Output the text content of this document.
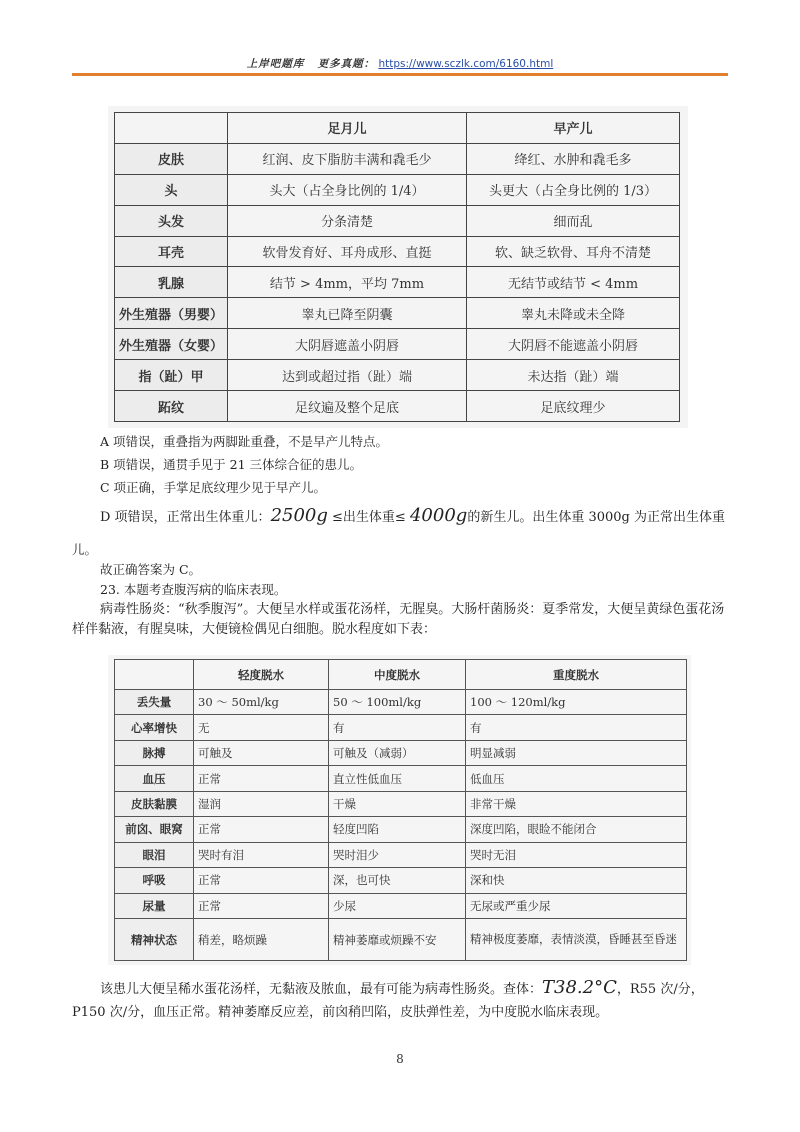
上岸吧题库 更多真题： https://www.sczlk.com/6160.html
	足月儿	早产儿
皮肤	红润、皮下脂肪丰满和毳毛少	绛红、水肿和毳毛多
头	头大（占全身比例的 1/4）	头更大（占全身比例的 1/3）
头发	分条清楚	细而乱
耳壳	软骨发育好、耳舟成形、直挺	软、缺乏软骨、耳舟不清楚
乳腺	结节 > 4mm，平均 7mm	无结节或结节 < 4mm
外生殖器（男婴）	睾丸已降至阴囊	睾丸未降或未全降
外生殖器（女婴）	大阴唇遮盖小阴唇	大阴唇不能遮盖小阴唇
指（趾）甲	达到或超过指（趾）端	未达指（趾）端
跖纹	足纹遍及整个足底	足底纹理少
A 项错误，重叠指为两脚趾重叠，不是早产儿特点。
B 项错误，通贯手见于 21 三体综合征的患儿。
C 项正确，手掌足底纹理少见于早产儿。
D 项错误，正常出生体重儿：2500g ≤出生体重≤ 4000g的新生儿。出生体重 3000g 为正常出生体重
儿。
故正确答案为 C。
23. 本题考查腹泻病的临床表现。
病毒性肠炎：“秋季腹泻”。大便呈水样或蛋花汤样，无腥臭。大肠杆菌肠炎：夏季常发，大便呈黄绿色蛋花汤样伴黏液，有腥臭味，大便镜检偶见白细胞。脱水程度如下表：
	轻度脱水	中度脱水	重度脱水
丢失量	30 ～ 50ml/kg	50 ～ 100ml/kg	100 ～ 120ml/kg
心率增快	无	有	有
脉搏	可触及	可触及（减弱）	明显减弱
血压	正常	直立性低血压	低血压
皮肤黏膜	湿润	干燥	非常干燥
前囟、眼窝	正常	轻度凹陷	深度凹陷，眼睑不能闭合
眼泪	哭时有泪	哭时泪少	哭时无泪
呼吸	正常	深，也可快	深和快
尿量	正常	少尿	无尿或严重少尿
精神状态	稍差，略烦躁	精神萎靡或烦躁不安	精神极度萎靡，表情淡漠，昏睡甚至昏迷
该患儿大便呈稀水蛋花汤样，无黏液及脓血，最有可能为病毒性肠炎。查体：T38.2°C，R55 次/分，P150 次/分，血压正常。精神萎靡反应差，前囟稍凹陷，皮肤弹性差，为中度脱水临床表现。
8
